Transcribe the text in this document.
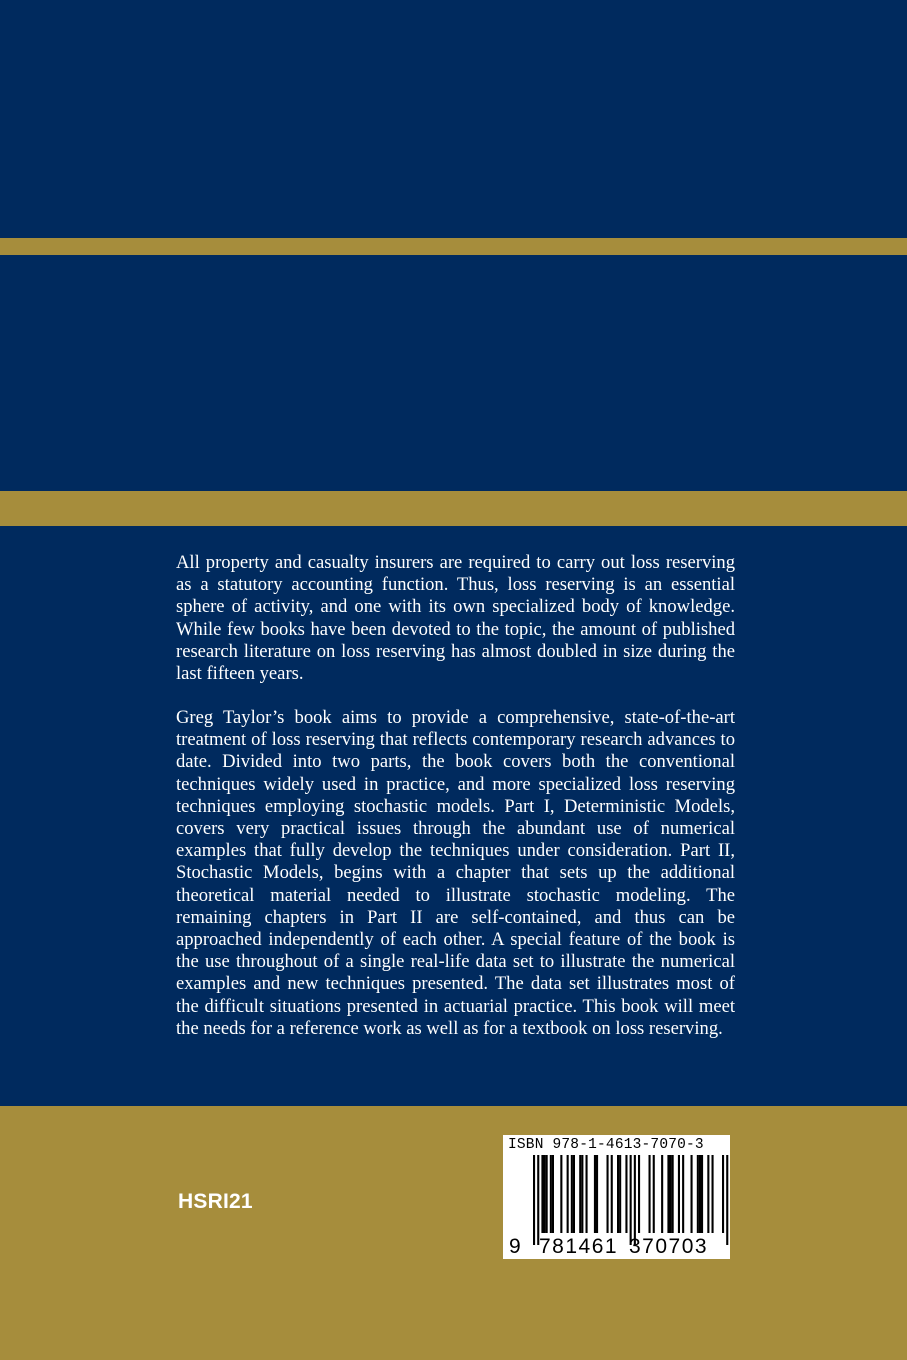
All property and casualty insurers are required to carry out loss reserving as a statutory accounting function. Thus, loss reserving is an essential sphere of activity, and one with its own specialized body of knowledge. While few books have been devoted to the topic, the amount of published research literature on loss reserving has almost doubled in size during the last fifteen years.

Greg Taylor’s book aims to provide a comprehensive, state-of-the-art treatment of loss reserving that reflects contemporary research advances to date. Divided into two parts, the book covers both the conventional techniques widely used in practice, and more specialized loss reserving techniques employing stochastic models. Part I, Deterministic Models, covers very practical issues through the abundant use of numerical examples that fully develop the techniques under consideration. Part II, Stochastic Models, begins with a chapter that sets up the additional theoretical material needed to illustrate stochastic modeling. The remaining chapters in Part II are self-contained, and thus can be approached independently of each other. A special feature of the book is the use throughout of a single real-life data set to illustrate the numerical examples and new techniques presented. The data set illustrates most of the difficult situations presented in actuarial practice. This book will meet the needs for a reference work as well as for a textbook on loss reserving.

HSRI21
ISBN 978-1-4613-7070-3
9 781461 370703
